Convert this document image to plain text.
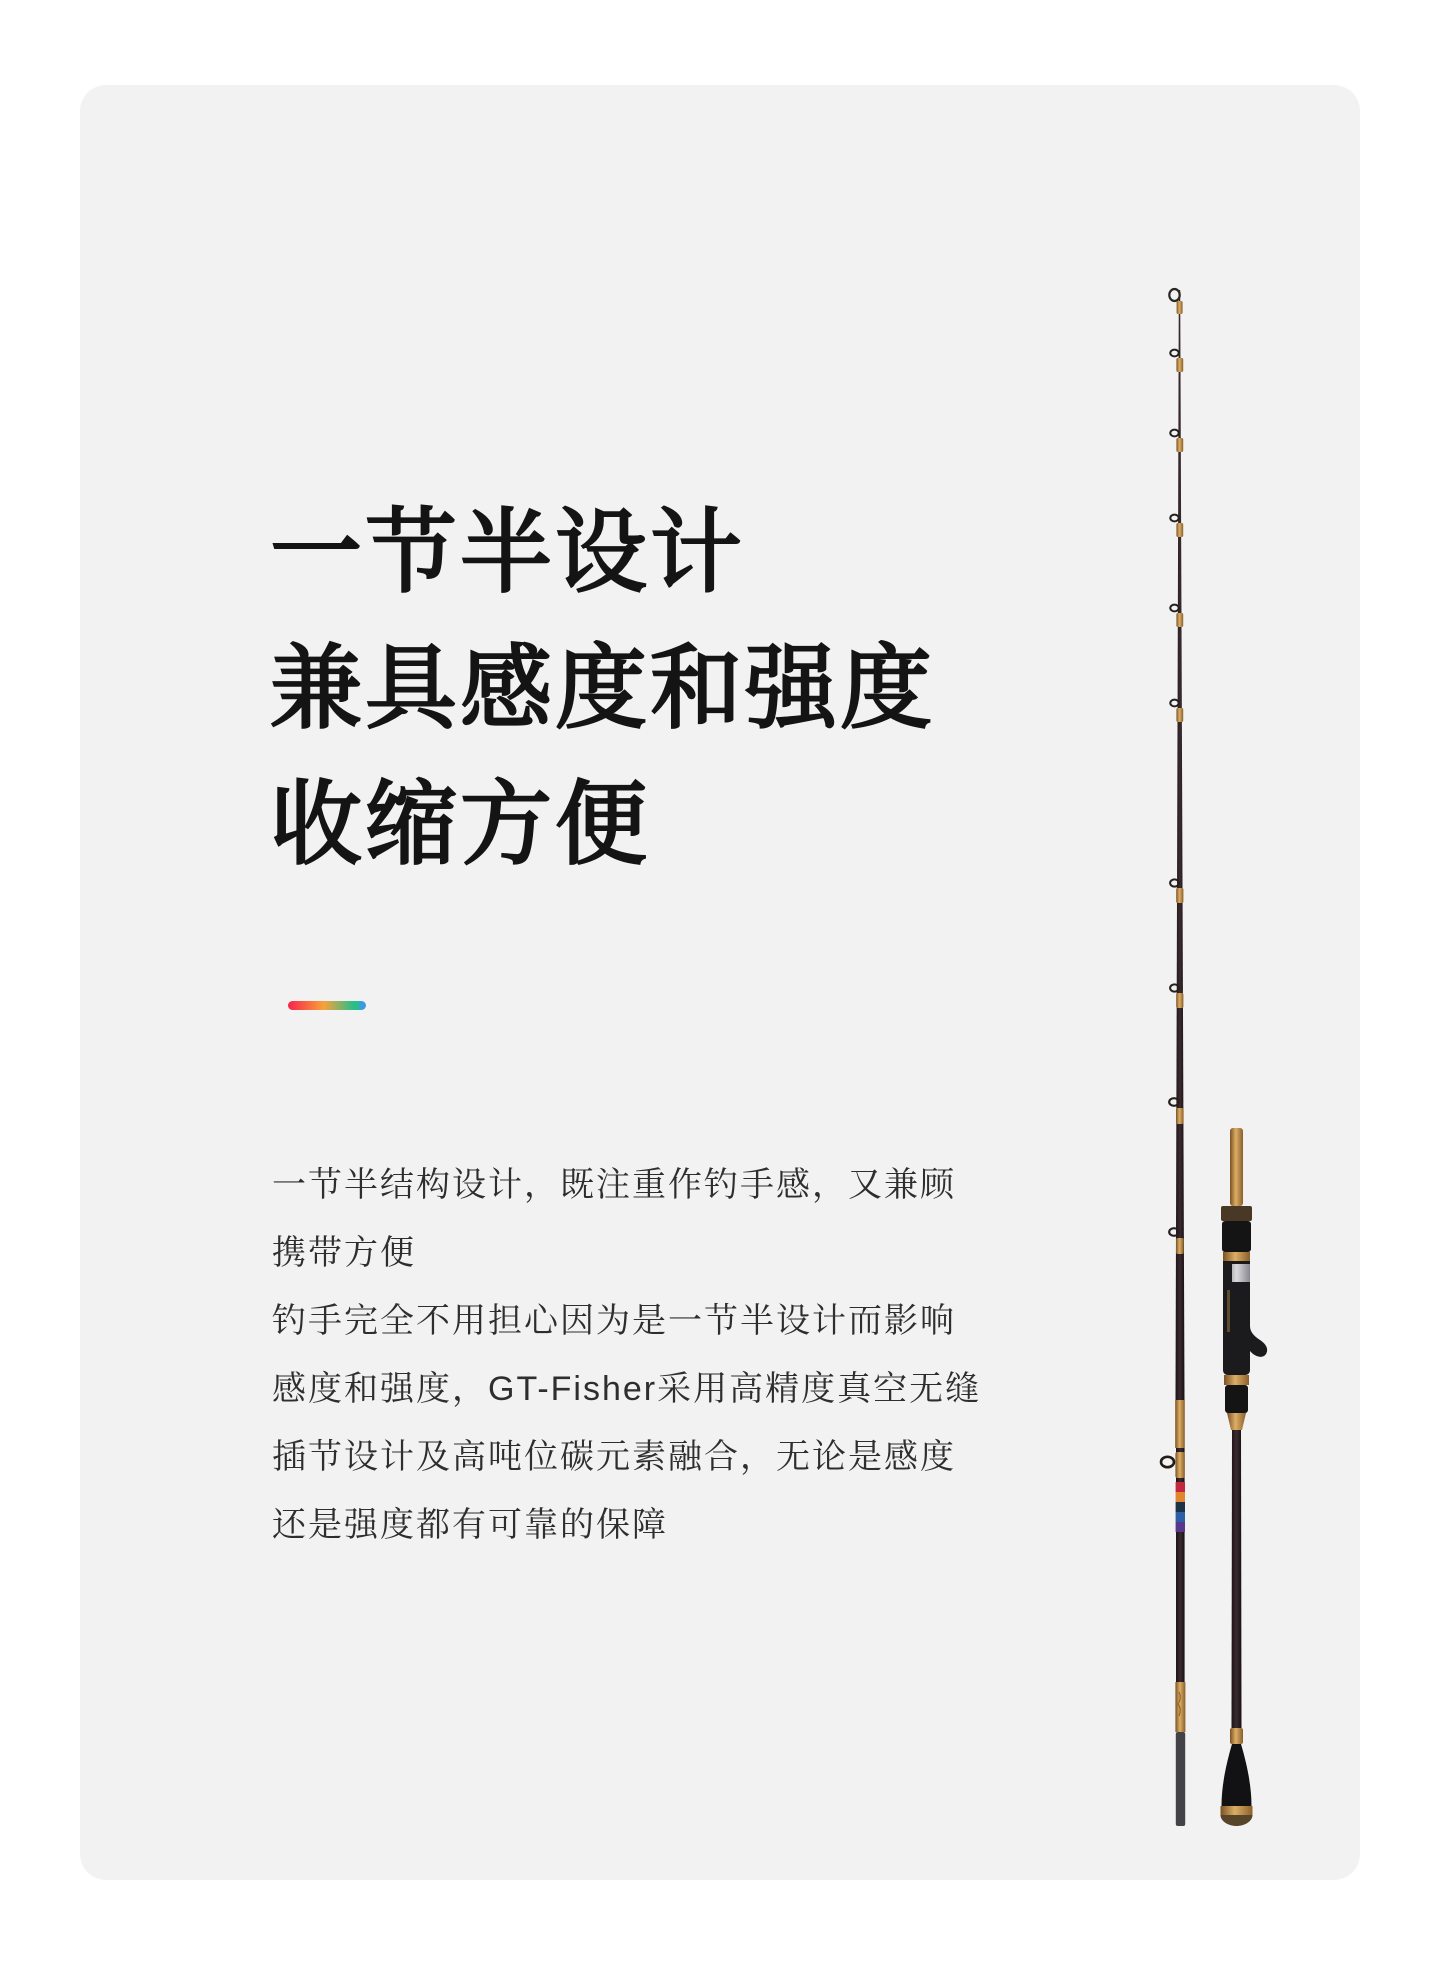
一节半设计
兼具感度和强度
收缩方便
一节半结构设计，既注重作钓手感，又兼顾
携带方便
钓手完全不用担心因为是一节半设计而影响
感度和强度，GT-Fisher采用高精度真空无缝
插节设计及高吨位碳元素融合，无论是感度
还是强度都有可靠的保障
